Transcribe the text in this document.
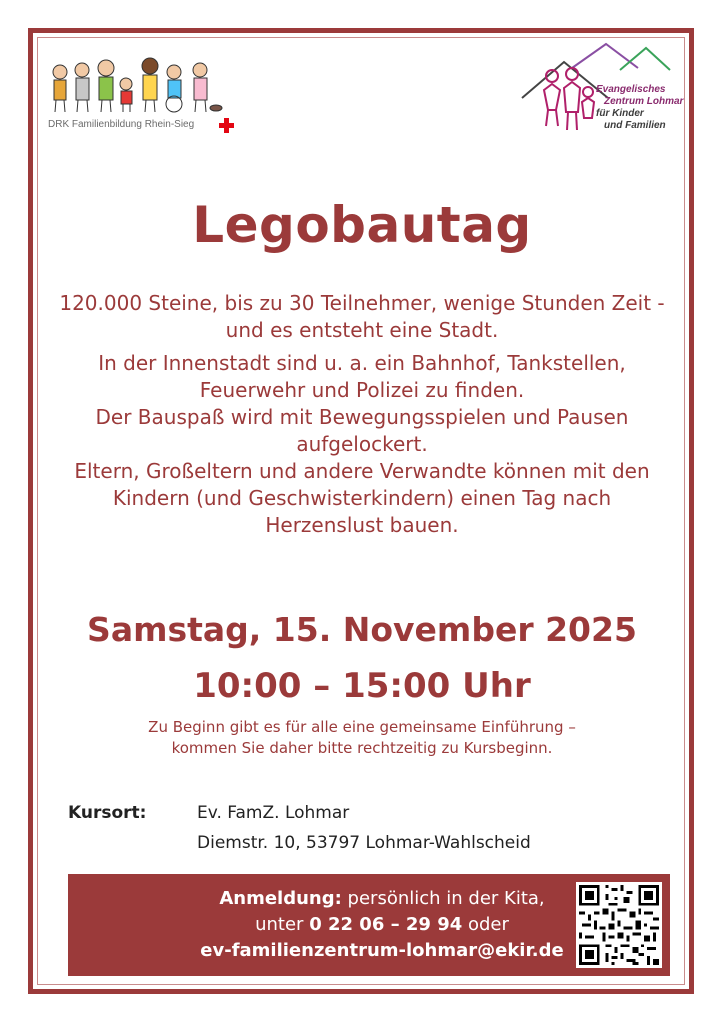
DRK Familienbildung Rhein-Sieg
Evangelisches
Zentrum Lohmar
für Kinder
und Familien
Legobautag

120.000 Steine, bis zu 30 Teilnehmer, wenige Stunden Zeit - und es entsteht eine Stadt.

In der Innenstadt sind u. a. ein Bahnhof, Tankstellen, Feuerwehr und Polizei zu finden.

Der Bauspaß wird mit Bewegungsspielen und Pausen aufgelockert.

Eltern, Großeltern und andere Verwandte können mit den Kindern (und Geschwisterkindern) einen Tag nach Herzenslust bauen.

Samstag, 15. November 2025
10:00 – 15:00 Uhr
Zu Beginn gibt es für alle eine gemeinsame Einführung –
kommen Sie daher bitte rechtzeitig zu Kursbeginn.
Kursort:	Ev. FamZ. Lohmar
Diemstr. 10, 53797 Lohmar-Wahlscheid
Anmeldung: persönlich in der Kita,
unter 0 22 06 – 29 94 oder
ev-familienzentrum-lohmar@ekir.de
